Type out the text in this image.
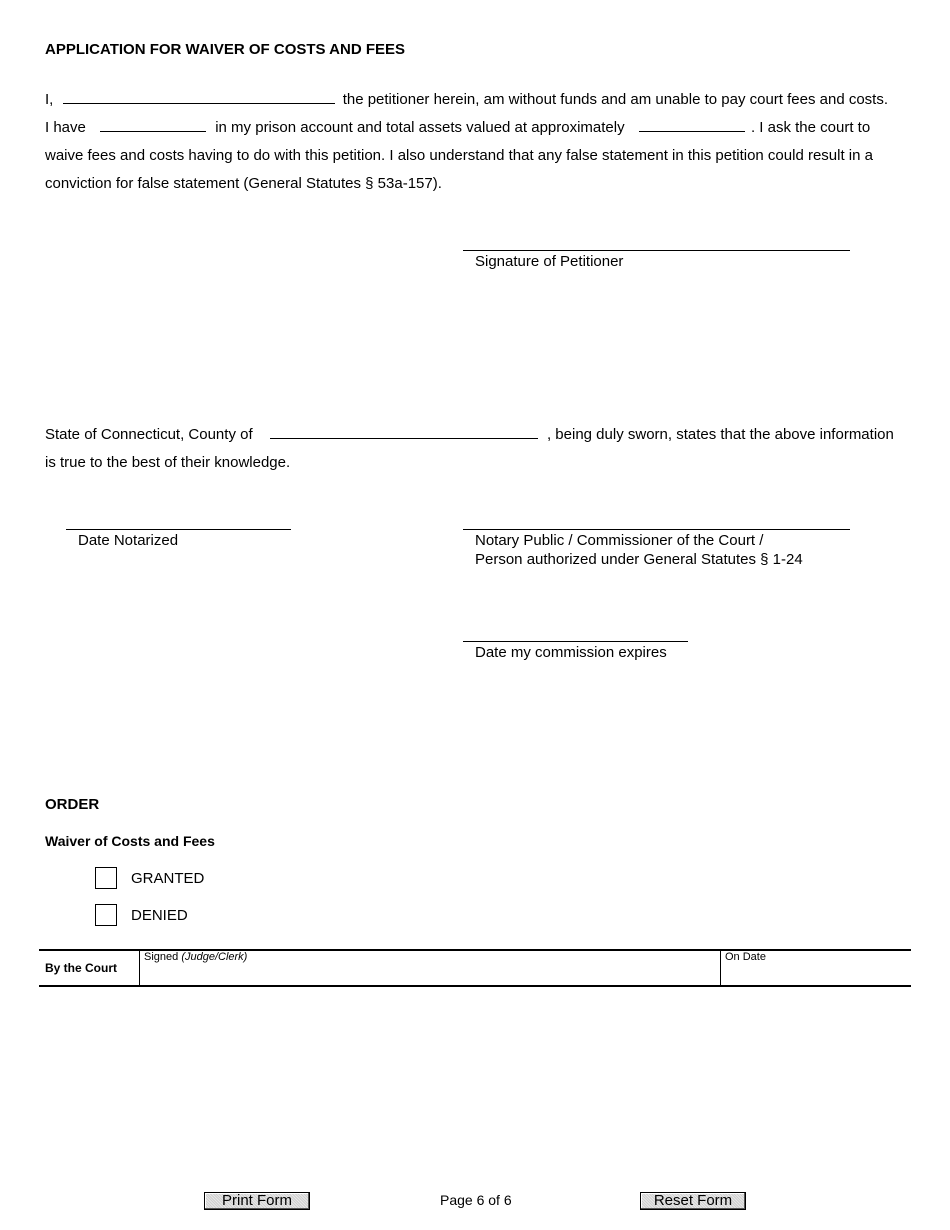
APPLICATION FOR WAIVER OF COSTS AND FEES
I,	the petitioner herein, am without funds and am unable to pay court fees and costs.
I have	in my prison account and total assets valued at approximately	. I ask the court to
waive fees and costs having to do with this petition. I also understand that any false statement in this petition could result in a
conviction for false statement (General Statutes § 53a-157).
Signature of Petitioner
State of Connecticut, County of	, being duly sworn, states that the above information
is true to the best of their knowledge.
Date Notarized	Notary Public / Commissioner of the Court /
Person authorized under General Statutes § 1-24
Date my commission expires
ORDER
Waiver of Costs and Fees
GRANTED
DENIED
By the Court
Signed (Judge/Clerk)	On Date
Print Form	Page 6 of 6	Reset Form
